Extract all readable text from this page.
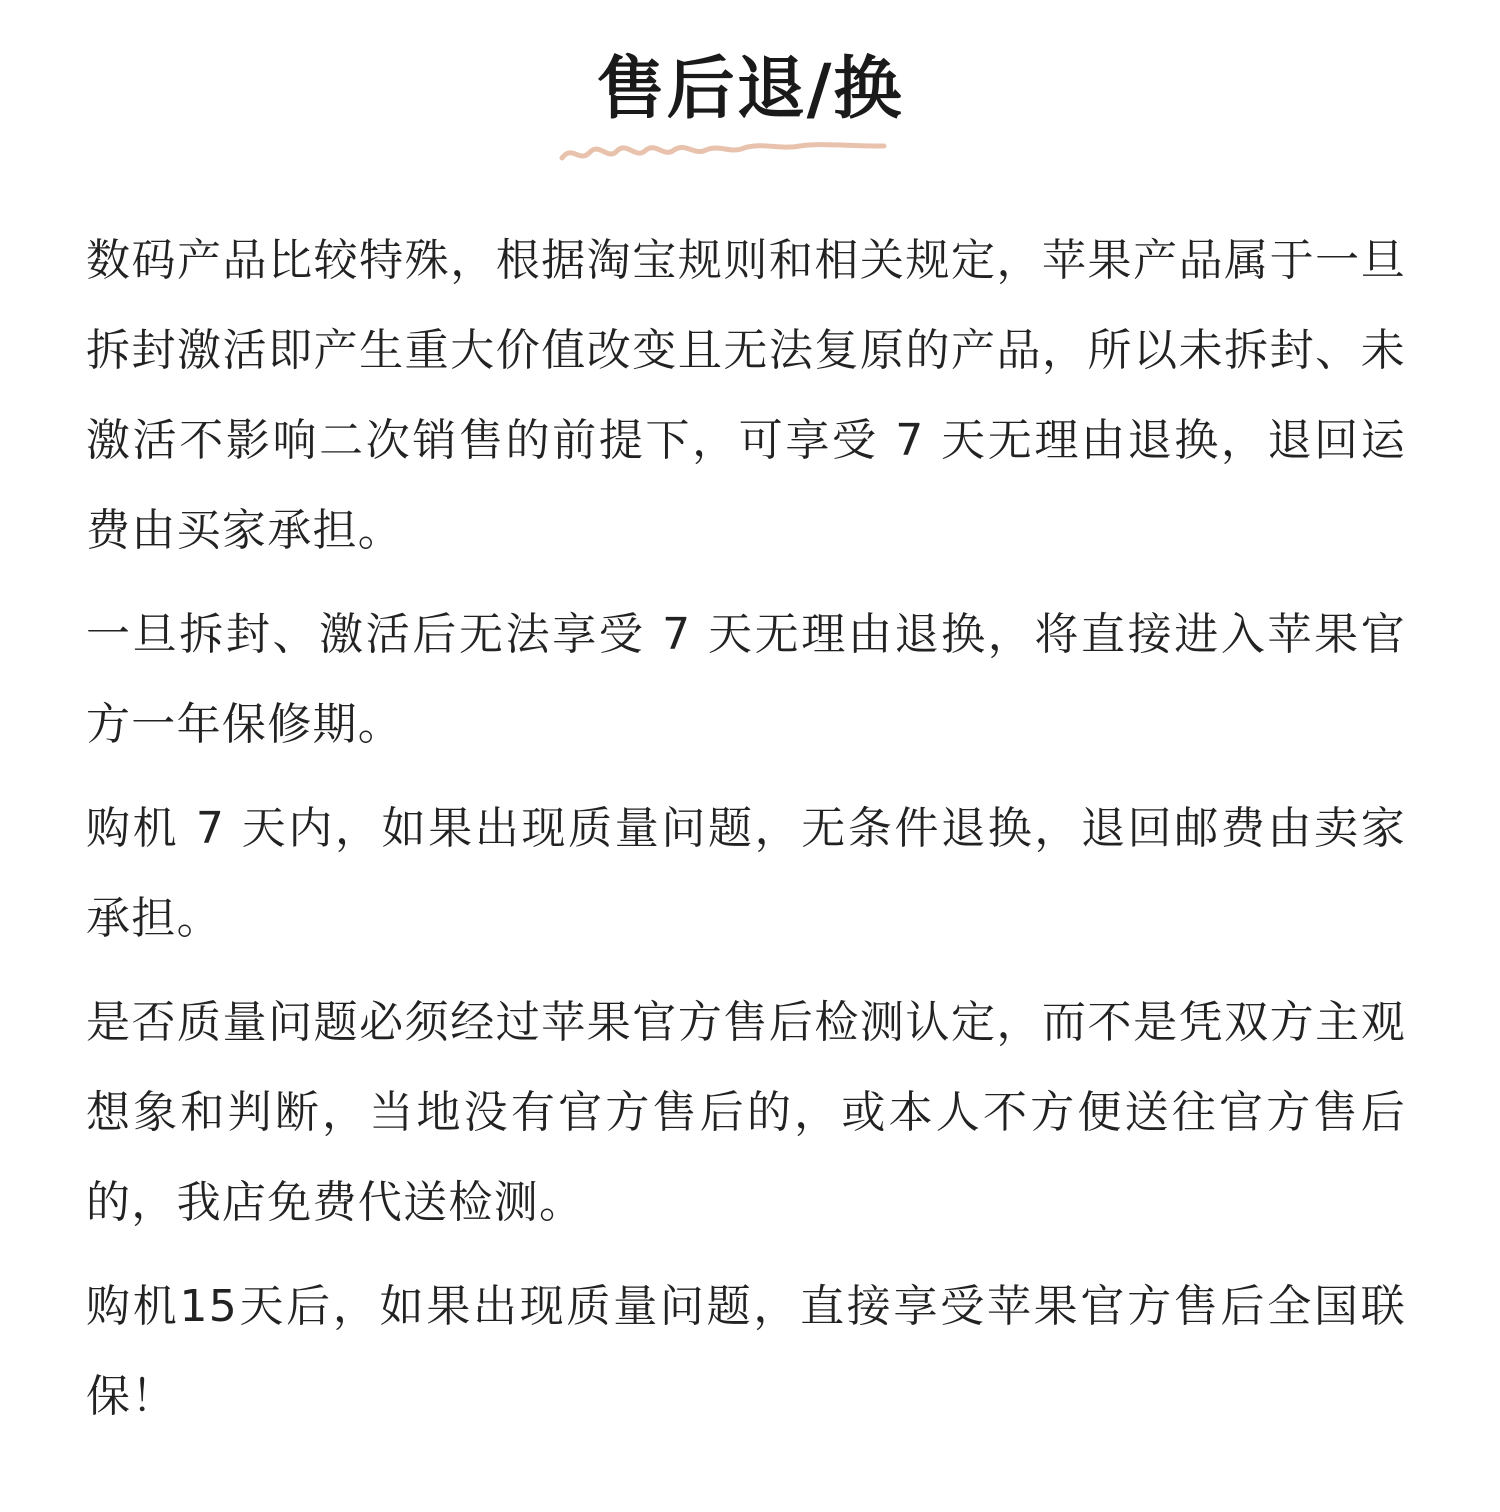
售后退/换

数码产品比较特殊，根据淘宝规则和相关规定，苹果产品属于一旦拆封激活即产生重大价值改变且无法复原的产品，所以未拆封、未激活不影响二次销售的前提下，可享受 7 天无理由退换，退回运费由买家承担。

一旦拆封、激活后无法享受 7 天无理由退换，将直接进入苹果官方一年保修期。

购机 7 天内，如果出现质量问题，无条件退换，退回邮费由卖家承担。

是否质量问题必须经过苹果官方售后检测认定，而不是凭双方主观想象和判断，当地没有官方售后的，或本人不方便送往官方售后的，我店免费代送检测。

购机15天后，如果出现质量问题，直接享受苹果官方售后全国联保！
